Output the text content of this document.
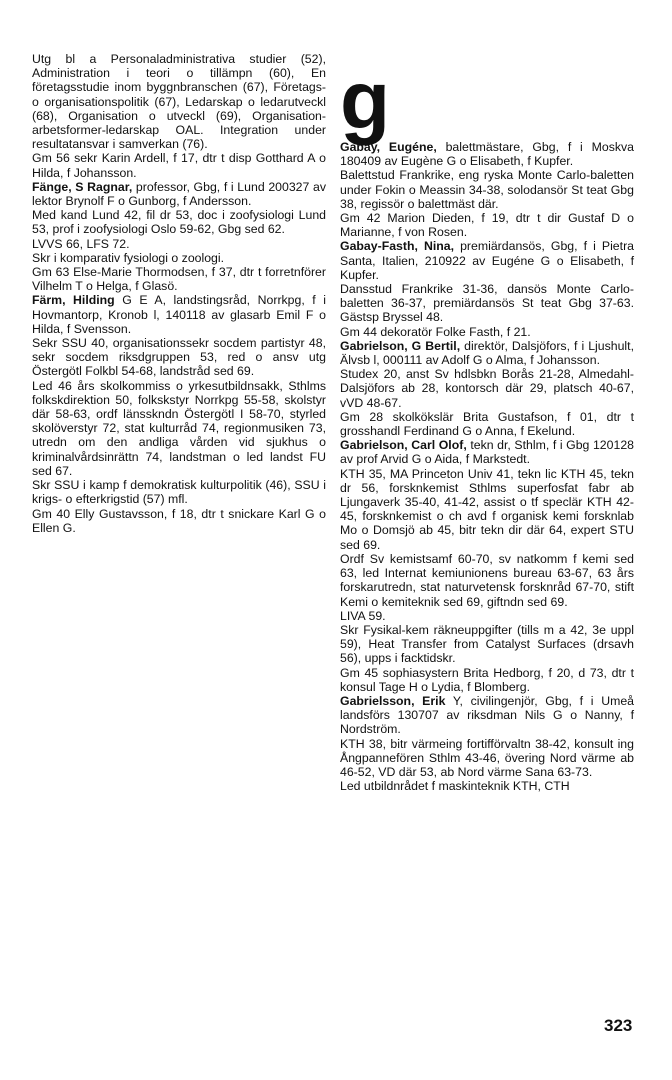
Utg bl a Personaladministrativa studier (52), Administration i teori o tillämpn (60), En företagsstudie inom byggnbranschen (67), Företags- o organisationspolitik (67), Ledarskap o ledarutveckl (68), Organisation o utveckl (69), Organisation-arbetsformer-ledarskap OAL. Integration under resultatansvar i samverkan (76).

Gm 56 sekr Karin Ardell, f 17, dtr t disp Gotthard A o Hilda, f Johansson.

Fänge, S Ragnar, professor, Gbg, f i Lund 200327 av lektor Brynolf F o Gunborg, f Andersson.

Med kand Lund 42, fil dr 53, doc i zoofysiologi Lund 53, prof i zoofysiologi Oslo 59-62, Gbg sed 62.

LVVS 66, LFS 72.

Skr i komparativ fysiologi o zoologi.

Gm 63 Else-Marie Thormodsen, f 37, dtr t forretnförer Vilhelm T o Helga, f Glasö.

Färm, Hilding G E A, landstingsråd, Norrkpg, f i Hovmantorp, Kronob l, 140118 av glasarb Emil F o Hilda, f Svensson.

Sekr SSU 40, organisationssekr socdem partistyr 48, sekr socdem riksdgruppen 53, red o ansv utg Östergötl Folkbl 54-68, landstråd sed 69.

Led 46 års skolkommiss o yrkesutbildnsakk, Sthlms folkskdirektion 50, folkskstyr Norrkpg 55-58, skolstyr där 58-63, ordf länsskndn Östergötl I 58-70, styrled skolöverstyr 72, stat kulturråd 74, regionmusiken 73, utredn om den andliga vården vid sjukhus o kriminalvårdsinrättn 74, landstman o led landst FU sed 67.

Skr SSU i kamp f demokratisk kulturpolitik (46), SSU i krigs- o efterkrigstid (57) mfl.

Gm 40 Elly Gustavsson, f 18, dtr t snickare Karl G o Ellen G.

g

Gabay, Eugéne, balettmästare, Gbg, f i Moskva 180409 av Eugène G o Elisabeth, f Kupfer.

Balettstud Frankrike, eng ryska Monte Carlo-baletten under Fokin o Meassin 34-38, solodansör St teat Gbg 38, regissör o balettmäst där.

Gm 42 Marion Dieden, f 19, dtr t dir Gustaf D o Marianne, f von Rosen.

Gabay-Fasth, Nina, premiärdansös, Gbg, f i Pietra Santa, Italien, 210922 av Eugéne G o Elisabeth, f Kupfer.

Dansstud Frankrike 31-36, dansös Monte Carlo-baletten 36-37, premiärdansös St teat Gbg 37-63. Gästsp Bryssel 48.

Gm 44 dekoratör Folke Fasth, f 21.

Gabrielson, G Bertil, direktör, Dalsjöfors, f i Ljushult, Älvsb l, 000111 av Adolf G o Alma, f Johansson.

Studex 20, anst Sv hdlsbkn Borås 21-28, Almedahl-Dalsjöfors ab 28, kontorsch där 29, platsch 40-67, vVD 48-67.

Gm 28 skolkökslär Brita Gustafson, f 01, dtr t grosshandl Ferdinand G o Anna, f Ekelund.

Gabrielson, Carl Olof, tekn dr, Sthlm, f i Gbg 120128 av prof Arvid G o Aida, f Markstedt.

KTH 35, MA Princeton Univ 41, tekn lic KTH 45, tekn dr 56, forsknkemist Sthlms superfosfat fabr ab Ljungaverk 35-40, 41-42, assist o tf speclär KTH 42-45, forsknkemist o ch avd f organisk kemi forsknlab Mo o Domsjö ab 45, bitr tekn dir där 64, expert STU sed 69.

Ordf Sv kemistsamf 60-70, sv natkomm f kemi sed 63, led Internat kemiunionens bureau 63-67, 63 års forskarutredn, stat naturvetensk forsknråd 67-70, stift Kemi o kemiteknik sed 69, giftndn sed 69.

LIVA 59.

Skr Fysikal-kem räkneuppgifter (tills m a 42, 3e uppl 59), Heat Transfer from Catalyst Surfaces (drsavh 56), upps i facktidskr.

Gm 45 sophiasystern Brita Hedborg, f 20, d 73, dtr t konsul Tage H o Lydia, f Blomberg.

Gabrielsson, Erik Y, civilingenjör, Gbg, f i Umeå landsförs 130707 av riksdman Nils G o Nanny, f Nordström.

KTH 38, bitr värmeing fortifförvaltn 38-42, konsult ing Ångpannefören Sthlm 43-46, övering Nord värme ab 46-52, VD där 53, ab Nord värme Sana 63-73.

Led utbildnrådet f maskinteknik KTH, CTH

323
